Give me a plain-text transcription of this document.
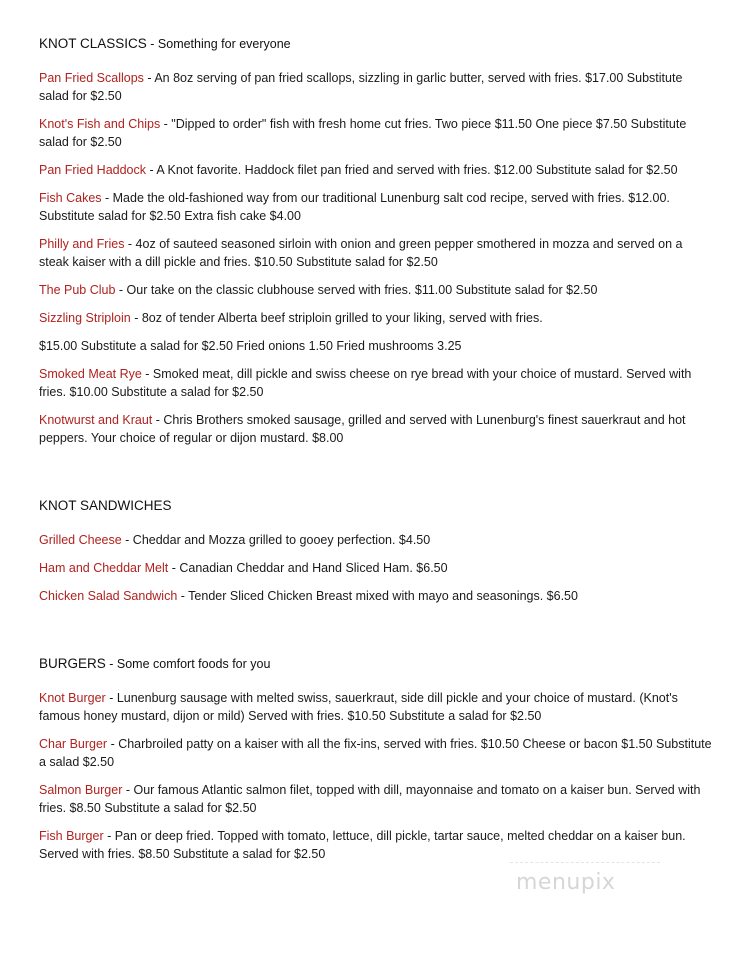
KNOT CLASSICS - Something for everyone

Pan Fried Scallops - An 8oz serving of pan fried scallops, sizzling in garlic butter, served with fries. $17.00 Substitute salad for $2.50

Knot's Fish and Chips - "Dipped to order" fish with fresh home cut fries. Two piece $11.50 One piece $7.50 Substitute salad for $2.50

Pan Fried Haddock - A Knot favorite. Haddock filet pan fried and served with fries. $12.00 Substitute salad for $2.50

Fish Cakes - Made the old-fashioned way from our traditional Lunenburg salt cod recipe, served with fries. $12.00. Substitute salad for $2.50 Extra fish cake $4.00

Philly and Fries - 4oz of sauteed seasoned sirloin with onion and green pepper smothered in mozza and served on a steak kaiser with a dill pickle and fries. $10.50 Substitute salad for $2.50

The Pub Club - Our take on the classic clubhouse served with fries. $11.00 Substitute salad for $2.50

Sizzling Striploin - 8oz of tender Alberta beef striploin grilled to your liking, served with fries.

$15.00 Substitute a salad for $2.50 Fried onions 1.50 Fried mushrooms 3.25

Smoked Meat Rye - Smoked meat, dill pickle and swiss cheese on rye bread with your choice of mustard. Served with fries. $10.00 Substitute a salad for $2.50

Knotwurst and Kraut - Chris Brothers smoked sausage, grilled and served with Lunenburg's finest sauerkraut and hot peppers. Your choice of regular or dijon mustard. $8.00

KNOT SANDWICHES

Grilled Cheese - Cheddar and Mozza grilled to gooey perfection. $4.50

Ham and Cheddar Melt - Canadian Cheddar and Hand Sliced Ham. $6.50

Chicken Salad Sandwich - Tender Sliced Chicken Breast mixed with mayo and seasonings. $6.50

BURGERS - Some comfort foods for you

Knot Burger - Lunenburg sausage with melted swiss, sauerkraut, side dill pickle and your choice of mustard. (Knot's famous honey mustard, dijon or mild) Served with fries. $10.50 Substitute a salad for $2.50

Char Burger - Charbroiled patty on a kaiser with all the fix-ins, served with fries. $10.50 Cheese or bacon $1.50 Substitute a salad $2.50

Salmon Burger - Our famous Atlantic salmon filet, topped with dill, mayonnaise and tomato on a kaiser bun. Served with fries. $8.50 Substitute a salad for $2.50

Fish Burger - Pan or deep fried. Topped with tomato, lettuce, dill pickle, tartar sauce, melted cheddar on a kaiser bun. Served with fries. $8.50 Substitute a salad for $2.50

menupix
